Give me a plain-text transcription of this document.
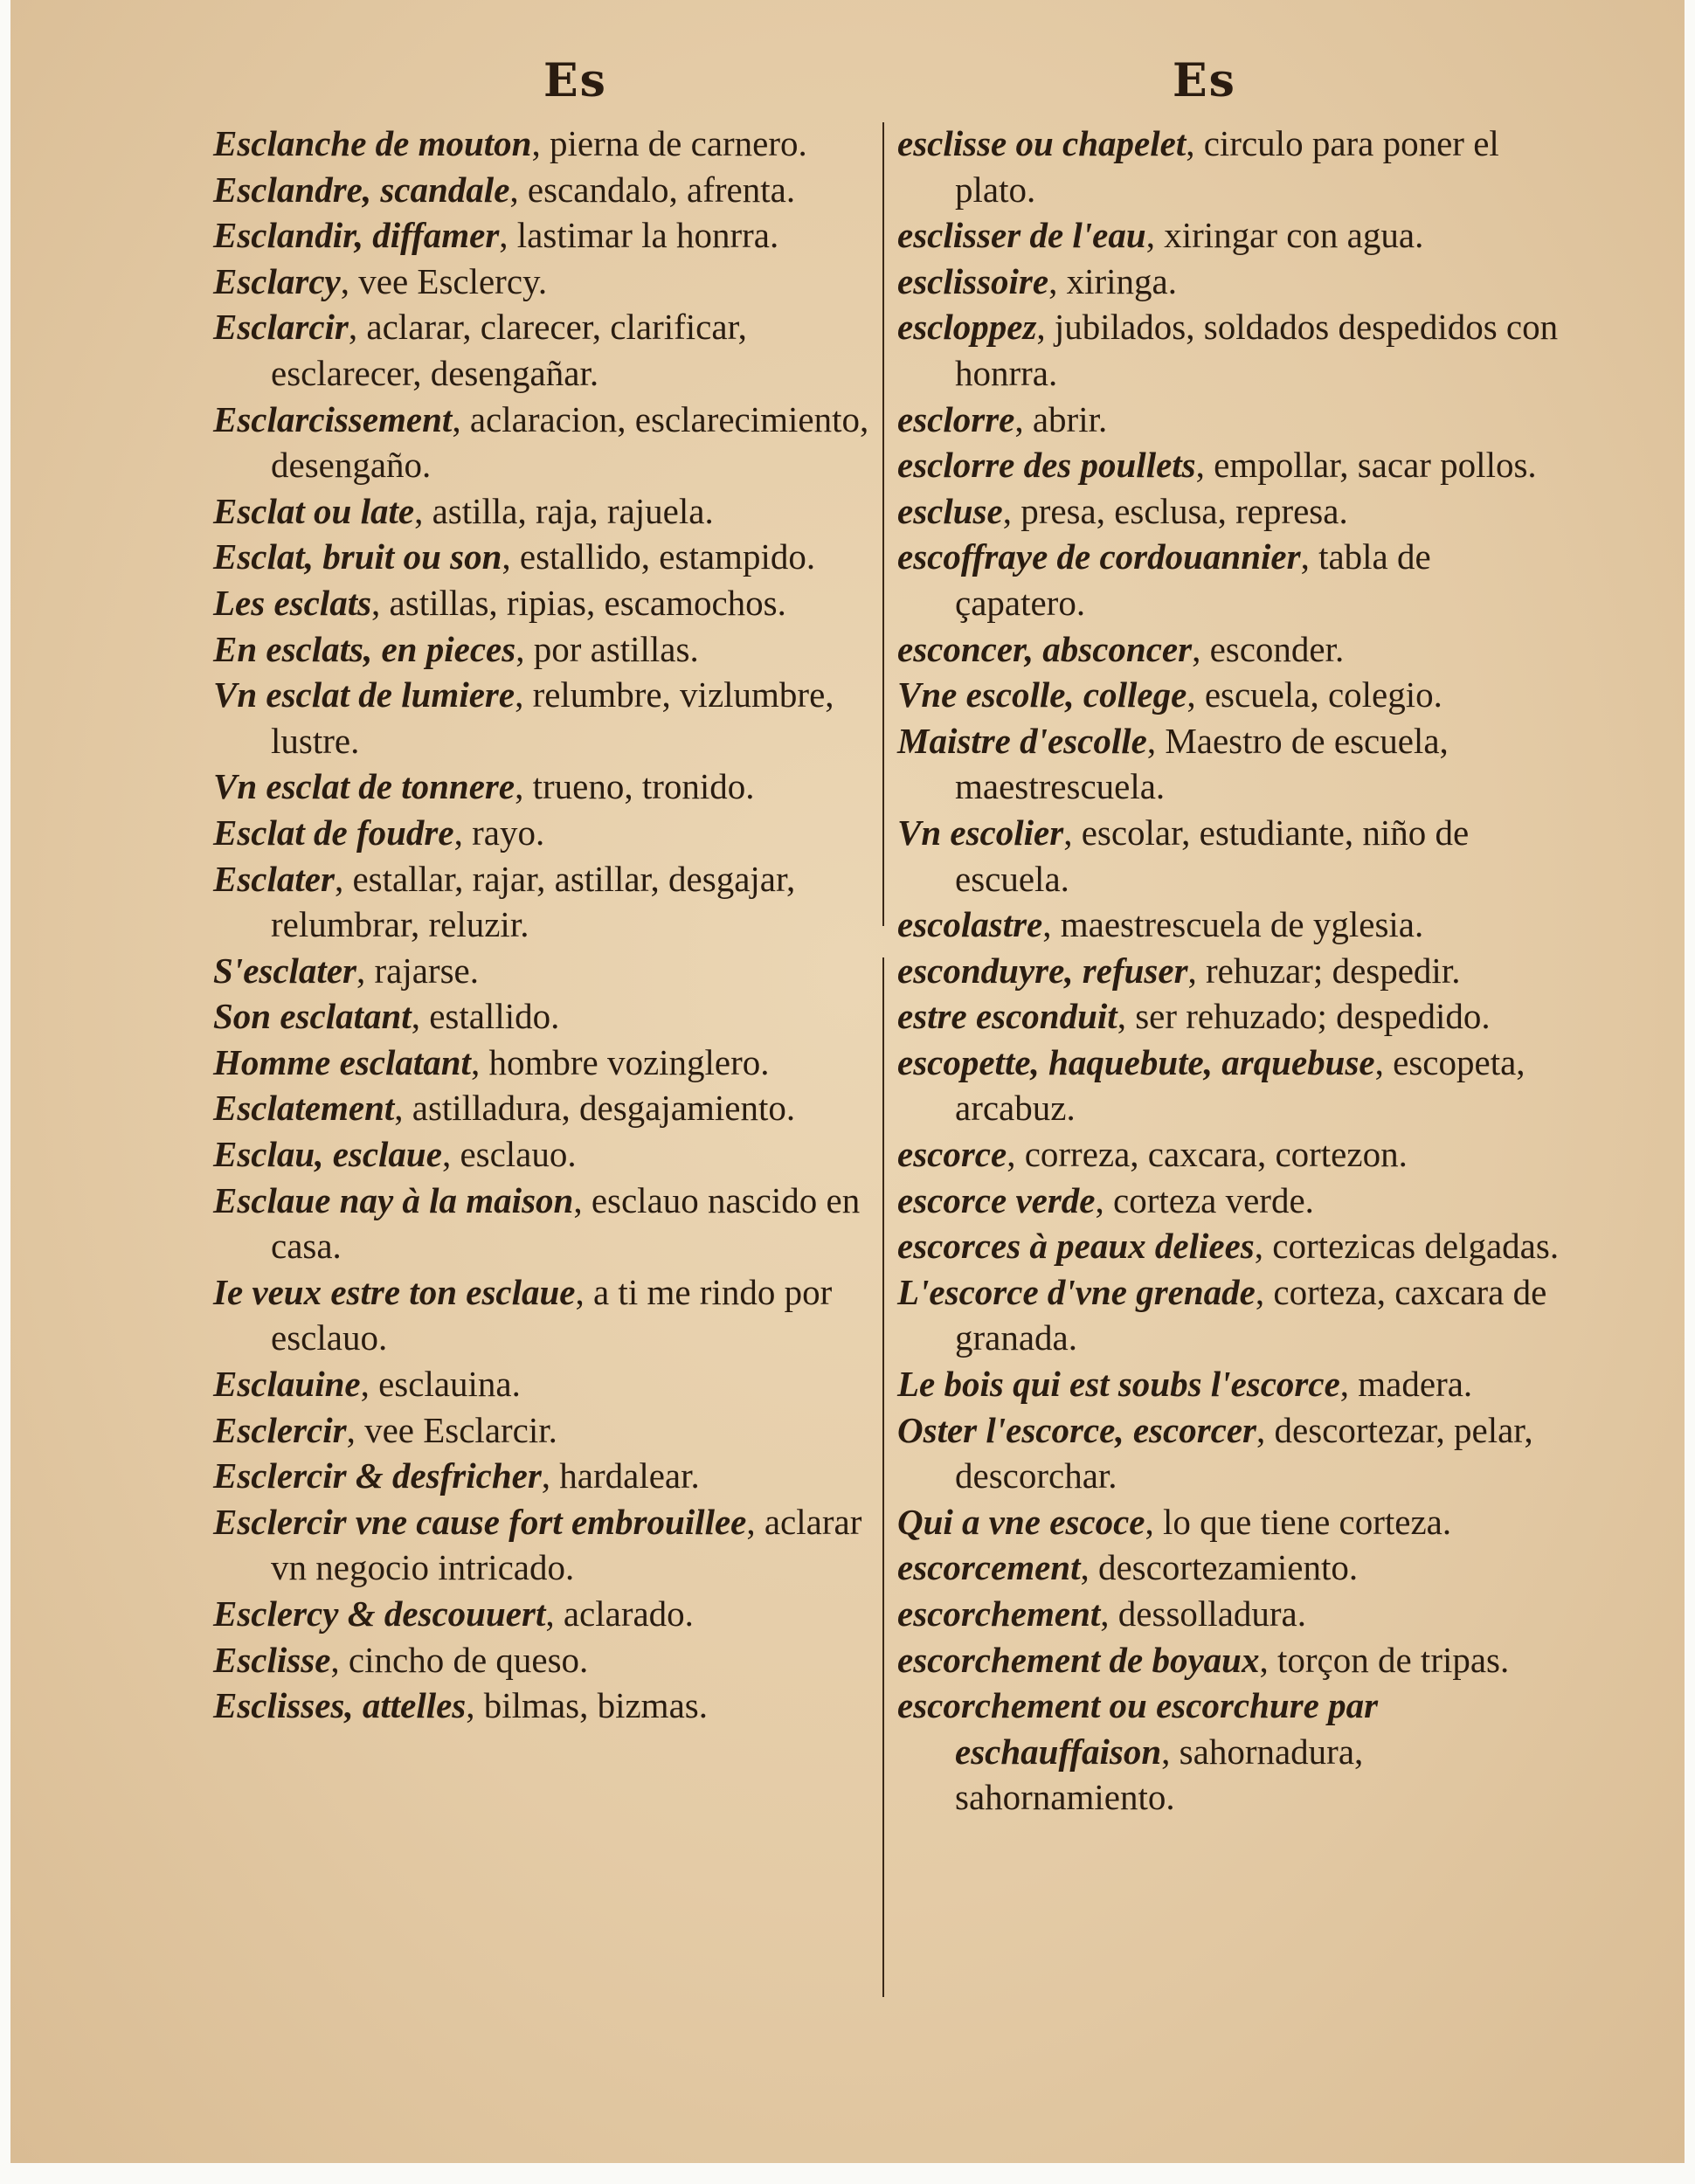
Es	Es

Esclanche de mouton, pierna de carnero.

Esclandre, scandale, escandalo, afrenta.

Esclandir, diffamer, lastimar la honrra.

Esclarcy, vee Esclercy.

Esclarcir, aclarar, clarecer, clarificar, esclarecer, desengañar.

Esclarcissement, aclaracion, esclarecimiento, desengaño.

Esclat ou late, astilla, raja, rajuela.

Esclat, bruit ou son, estallido, estampido.

Les esclats, astillas, ripias, escamochos.

En esclats, en pieces, por astillas.

Vn esclat de lumiere, relumbre, vizlumbre, lustre.

Vn esclat de tonnere, trueno, tronido.

Esclat de foudre, rayo.

Esclater, estallar, rajar, astillar, desgajar, relumbrar, reluzir.

S'esclater, rajarse.

Son esclatant, estallido.

Homme esclatant, hombre vozinglero.

Esclatement, astilladura, desgajamiento.

Esclau, esclaue, esclauo.

Esclaue nay à la maison, esclauo nascido en casa.

Ie veux estre ton esclaue, a ti me rindo por esclauo.

Esclauine, esclauina.

Esclercir, vee Esclarcir.

Esclercir & desfricher, hardalear.

Esclercir vne cause fort embrouillee, aclarar vn negocio intricado.

Esclercy & descouuert, aclarado.

Esclisse, cincho de queso.

Esclisses, attelles, bilmas, bizmas.

esclisse ou chapelet, circulo para poner el plato.

esclisser de l'eau, xiringar con agua.

esclissoire, xiringa.

escloppez, jubilados, soldados despedidos con honrra.

esclorre, abrir.

esclorre des poullets, empollar, sacar pollos.

escluse, presa, esclusa, represa.

escoffraye de cordouannier, tabla de çapatero.

esconcer, absconcer, esconder.

Vne escolle, college, escuela, colegio.

Maistre d'escolle, Maestro de escuela, maestrescuela.

Vn escolier, escolar, estudiante, niño de escuela.

escolastre, maestrescuela de yglesia.

esconduyre, refuser, rehuzar; despedir.

estre esconduit, ser rehuzado; despedido.

escopette, haquebute, arquebuse, escopeta, arcabuz.

escorce, correza, caxcara, cortezon.

escorce verde, corteza verde.

escorces à peaux deliees, cortezicas delgadas.

L'escorce d'vne grenade, corteza, caxcara de granada.

Le bois qui est soubs l'escorce, madera.

Oster l'escorce, escorcer, descortezar, pelar, descorchar.

Qui a vne escoce, lo que tiene corteza.

escorcement, descortezamiento.

escorchement, dessolladura.

escorchement de boyaux, torçon de tripas.

escorchement ou escorchure par eschauffaison, sahornadura, sahornamiento.
